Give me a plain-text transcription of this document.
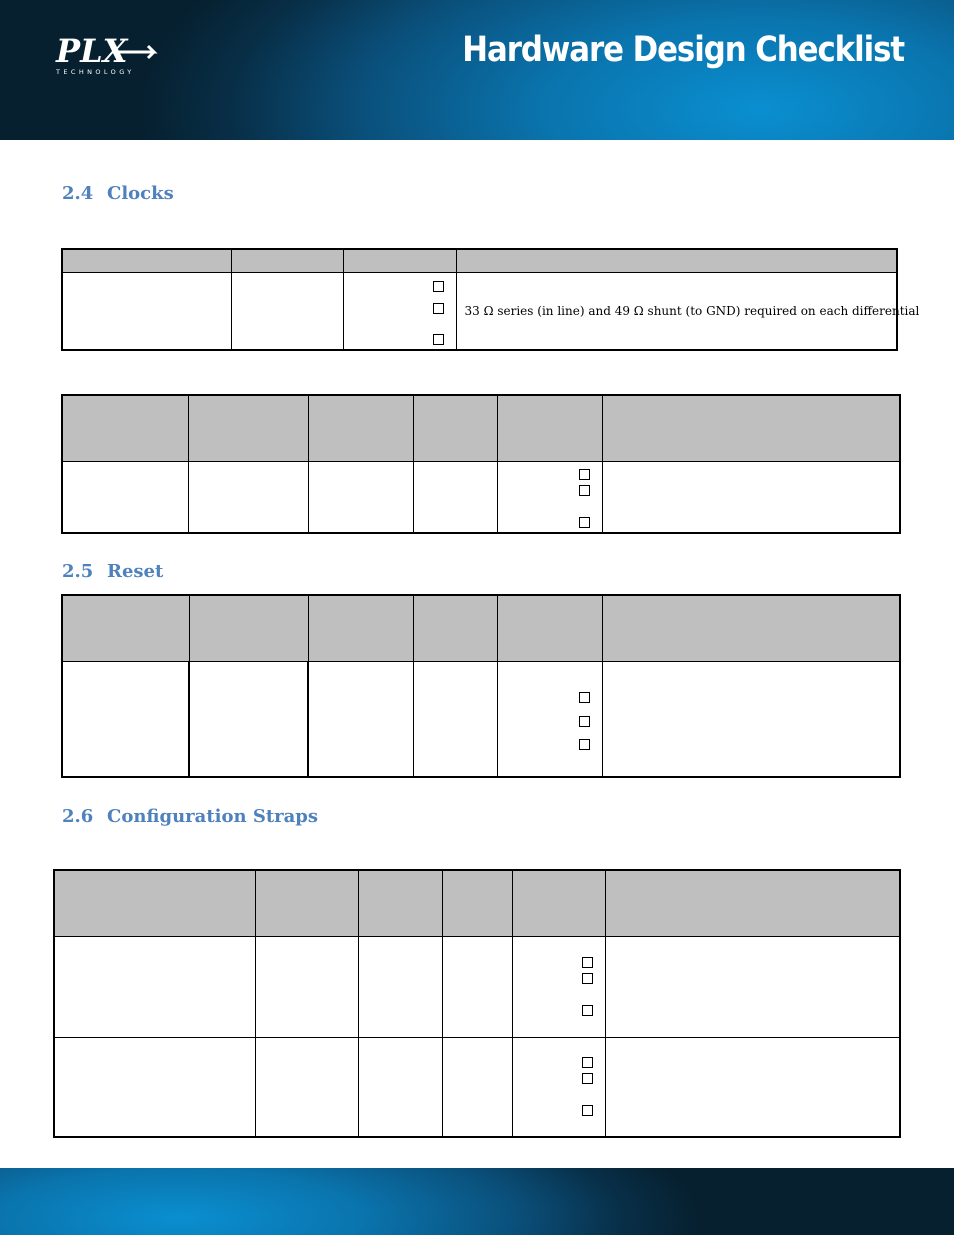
PLX
TECHNOLOGY
Hardware Design Checklist
2.4 Clocks

			33 Ω series (in line) and 49 Ω shunt (to GND) required on each differential

2.5 Reset

2.6 Configuration Straps
